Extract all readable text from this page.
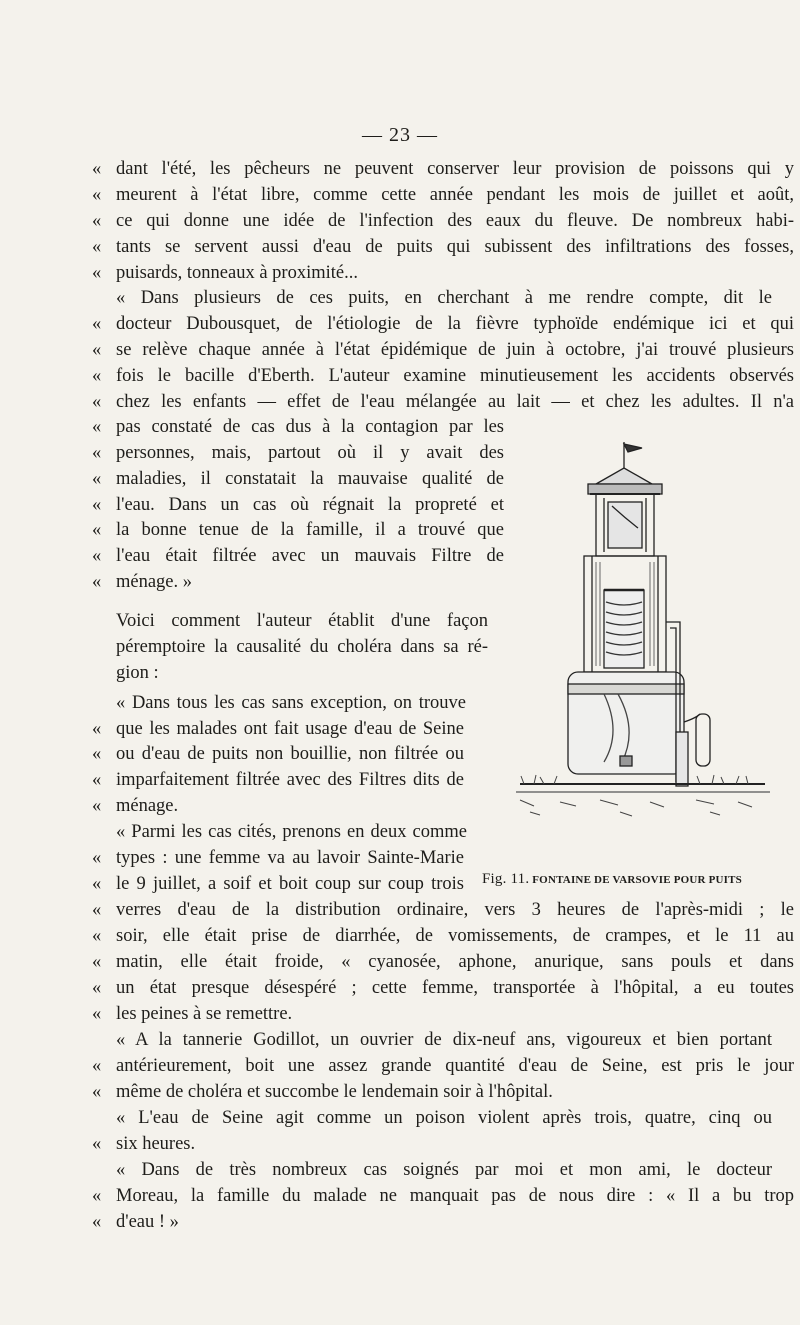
— 23 —
« dant l'été, les pêcheurs ne peuvent conserver leur provision de poissons qui y
« meurent à l'état libre, comme cette année pendant les mois de juillet et août,
« ce qui donne une idée de l'infection des eaux du fleuve. De nombreux habi-
« tants se servent aussi d'eau de puits qui subissent des infiltrations des fosses,
« puisards, tonneaux à proximité...
« Dans plusieurs de ces puits, en cherchant à me rendre compte, dit le
« docteur Dubousquet, de l'étiologie de la fièvre typhoïde endémique ici et qui
« se relève chaque année à l'état épidémique de juin à octobre, j'ai trouvé plusieurs
« fois le bacille d'Eberth. L'auteur examine minutieusement les accidents observés
« chez les enfants — effet de l'eau mélangée au lait — et chez les adultes. Il n'a
« pas constaté de cas dus à la contagion par les
« personnes, mais, partout où il y avait des
« maladies, il constatait la mauvaise qualité de
« l'eau. Dans un cas où régnait la propreté et
« la bonne tenue de la famille, il a trouvé que
« l'eau était filtrée avec un mauvais Filtre de
« ménage. »
Voici comment l'auteur établit d'une façon
péremptoire la causalité du choléra dans sa ré-
gion :
« Dans tous les cas sans exception, on trouve
« que les malades ont fait usage d'eau de Seine
« ou d'eau de puits non bouillie, non filtrée ou
« imparfaitement filtrée avec des Filtres dits de
« ménage.
« Parmi les cas cités, prenons en deux comme
« types : une femme va au lavoir Sainte-Marie
« le 9 juillet, a soif et boit coup sur coup trois
« verres d'eau de la distribution ordinaire, vers 3 heures de l'après-midi ; le
« soir, elle était prise de diarrhée, de vomissements, de crampes, et le 11 au
« matin, elle était froide, « cyanosée, aphone, anurique, sans pouls et dans
« un état presque désespéré ; cette femme, transportée à l'hôpital, a eu toutes
« les peines à se remettre.
« A la tannerie Godillot, un ouvrier de dix-neuf ans, vigoureux et bien portant
« antérieurement, boit une assez grande quantité d'eau de Seine, est pris le jour
« même de choléra et succombe le lendemain soir à l'hôpital.
« L'eau de Seine agit comme un poison violent après trois, quatre, cinq ou
« six heures.
« Dans de très nombreux cas soignés par moi et mon ami, le docteur
« Moreau, la famille du malade ne manquait pas de nous dire : « Il a bu trop
« d'eau ! »
Fig. 11. FONTAINE DE VARSOVIE POUR PUITS
